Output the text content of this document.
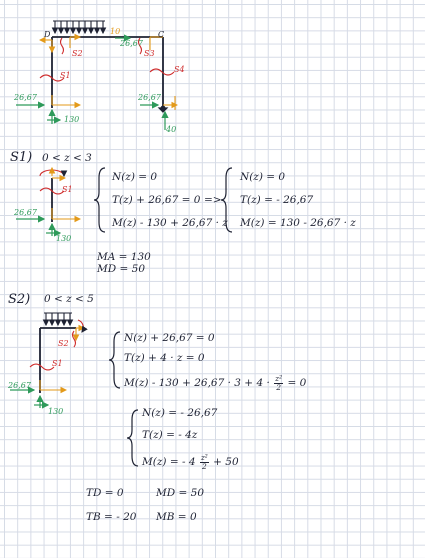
D	C
10
26,67
S2	S3
S1
S4
26,67	26,67
130
40
S1) 0 < z < 3
26,67
130
S1
N(z) = 0
T(z) + 26,67 = 0
M(z) - 130 + 26,67 · z
=>
N(z) = 0
T(z) = - 26,67
M(z) = 130 - 26,67 · z
MA = 130
MD = 50
S2) 0 < z < 5
S2
S1
26,67
130
N(z) + 26,67 = 0
T(z) + 4 · z = 0
$M(z) - 130 + 26,67 \cdot 3 + 4 \cdot \frac{\text{z²}}{2} = 0$
N(z) = - 26,67
T(z) = - 4z
M(z) = - $4 \frac{\text{z²}}{2} + 50$
TD = 0	MD = 50
TB = - 20 MB = 0
